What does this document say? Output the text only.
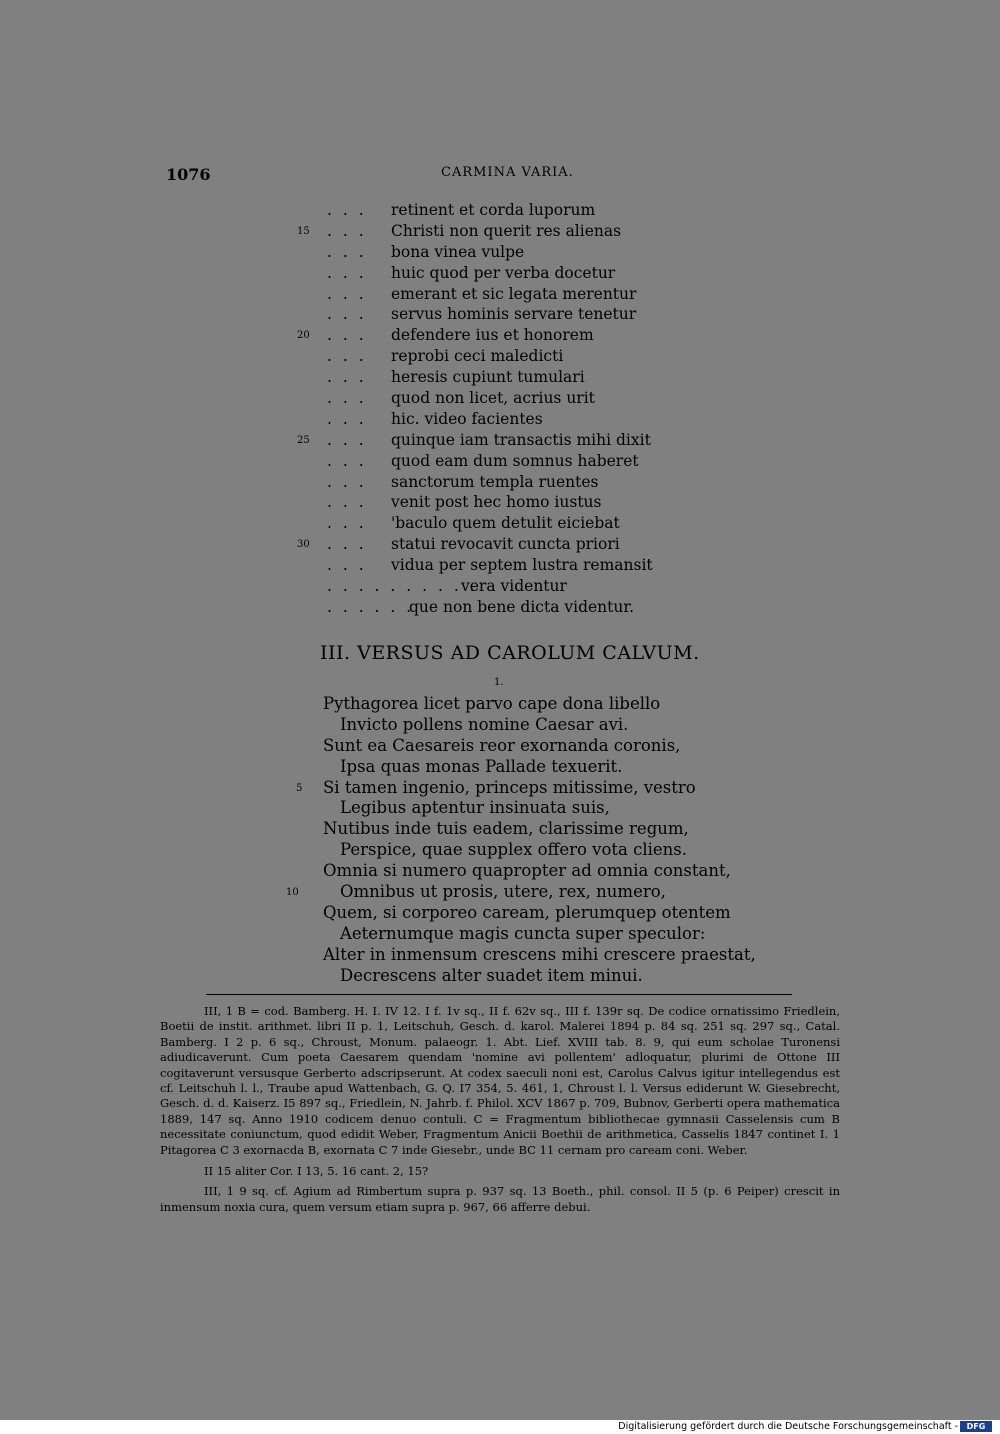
1076	CARMINA VARIA.
. . . retinent et corda luporum
15 . . . Christi non querit res alienas
. . . bona vinea vulpe
. . . huic quod per verba docetur
. . . emerant et sic legata merentur
. . . servus hominis servare tenetur
20 . . . defendere ius et honorem
. . . reprobi ceci maledicti
. . . heresis cupiunt tumulari
. . . quod non licet, acrius urit
. . . hic. video facientes
25 . . . quinque iam transactis mihi dixit
. . . quod eam dum somnus haberet
. . . sanctorum templa ruentes
. . . venit post hec homo iustus
. . . 'baculo quem detulit eiciebat
30 . . . statui revocavit cuncta priori
. . . vidua per septem lustra remansit
. . . . . . . . . .
vera videntur
. . . . . .
que non bene dicta videntur.
III. VERSUS AD CAROLUM CALVUM.
1.
Pythagorea licet parvo cape dona libello
Invicto pollens nomine Caesar avi.
Sunt ea Caesareis reor exornanda coronis,
Ipsa quas monas Pallade texuerit.
5 Si tamen ingenio, princeps mitissime, vestro
Legibus aptentur insinuata suis,
Nutibus inde tuis eadem, clarissime regum,
Perspice, quae supplex offero vota cliens.
Omnia si numero quapropter ad omnia constant,
10	Omnibus ut prosis, utere, rex, numero,
Quem, si corporeo caream, plerumquep otentem
Aeternumque magis cuncta super speculor:
Alter in inmensum crescens mihi crescere praestat,
Decrescens alter suadet item minui.

III, 1 B = cod. Bamberg. H. I. IV 12. I f. 1v sq., II f. 62v sq., III f. 139r sq. De codice ornatissimo Friedlein, Boetii de instit. arithmet. libri II p. 1, Leitschuh, Gesch. d. karol. Malerei 1894 p. 84 sq. 251 sq. 297 sq., Catal. Bamberg. I 2 p. 6 sq., Chroust, Monum. palaeogr. 1. Abt. Lief. XVIII tab. 8. 9, qui eum scholae Turonensi adiudicaverunt. Cum poeta Caesarem quendam 'nomine avi pollentem' adloquatur, plurimi de Ottone III cogitaverunt versusque Gerberto adscripserunt. At codex saeculi noni est, Carolus Calvus igitur intellegendus est cf. Leitschuh l. l., Traube apud Wattenbach, G. Q. I7 354, 5. 461, 1, Chroust l. l. Versus ediderunt W. Giesebrecht, Gesch. d. d. Kaiserz. I5 897 sq., Friedlein, N. Jahrb. f. Philol. XCV 1867 p. 709, Bubnov, Gerberti opera mathematica 1889, 147 sq. Anno 1910 codicem denuo contuli. C = Fragmentum bibliothecae gymnasii Casselensis cum B necessitate coniunctum, quod edidit Weber, Fragmentum Anicii Boethii de arithmetica, Casselis 1847 continet I. 1 Pitagorea C 3 exornacda B, exornata C 7 inde Giesebr., unde BC 11 cernam pro caream coni. Weber.

II 15 aliter Cor. I 13, 5. 16 cant. 2, 15?
III, 1 9 sq. cf. Agium ad Rimbertum supra p. 937 sq. 13 Boeth., phil. consol. II 5 (p. 6 Peiper) crescit in inmensum noxia cura, quem versum etiam supra p. 967, 66 afferre debui.
Digitalisierung gefördert durch die Deutsche Forschungsgemeinschaft -	DFG
